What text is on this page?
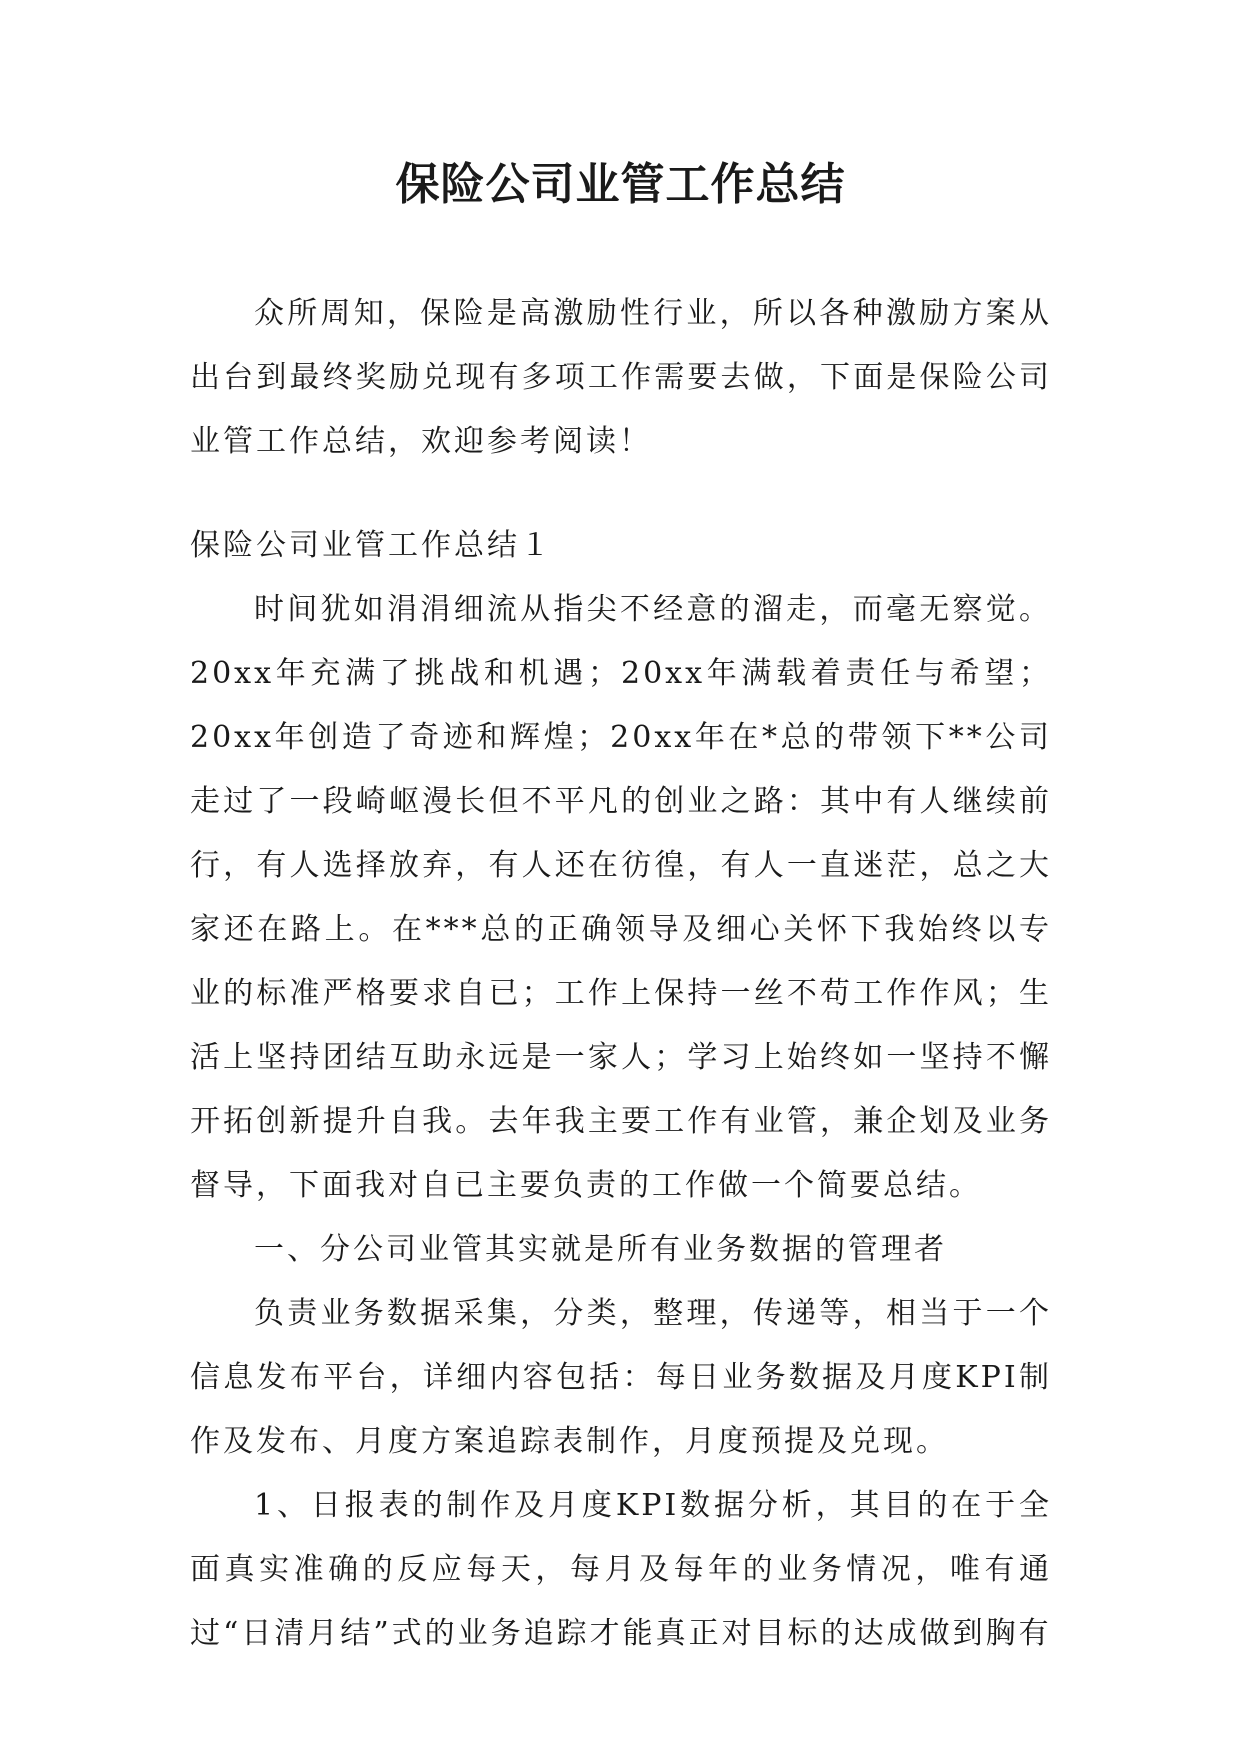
保险公司业管工作总结

众所周知，保险是高激励性行业，所以各种激励方案从出台到最终奖励兑现有多项工作需要去做，下面是保险公司业管工作总结，欢迎参考阅读！

保险公司业管工作总结１

时间犹如涓涓细流从指尖不经意的溜走，而毫无察觉。20xx年充满了挑战和机遇；20xx年满载着责任与希望；20xx年创造了奇迹和辉煌；20xx年在*总的带领下**公司走过了一段崎岖漫长但不平凡的创业之路：其中有人继续前行，有人选择放弃，有人还在彷徨，有人一直迷茫，总之大家还在路上。在***总的正确领导及细心关怀下我始终以专业的标准严格要求自已；工作上保持一丝不苟工作作风；生活上坚持团结互助永远是一家人；学习上始终如一坚持不懈开拓创新提升自我。去年我主要工作有业管，兼企划及业务督导，下面我对自已主要负责的工作做一个简要总结。

一、分公司业管其实就是所有业务数据的管理者

负责业务数据采集，分类，整理，传递等，相当于一个信息发布平台，详细内容包括：每日业务数据及月度KPI制作及发布、月度方案追踪表制作，月度预提及兑现。

1、日报表的制作及月度KPI数据分析，其目的在于全面真实准确的反应每天，每月及每年的业务情况，唯有通过“日清月结”式的业务追踪才能真正对目标的达成做到胸有
